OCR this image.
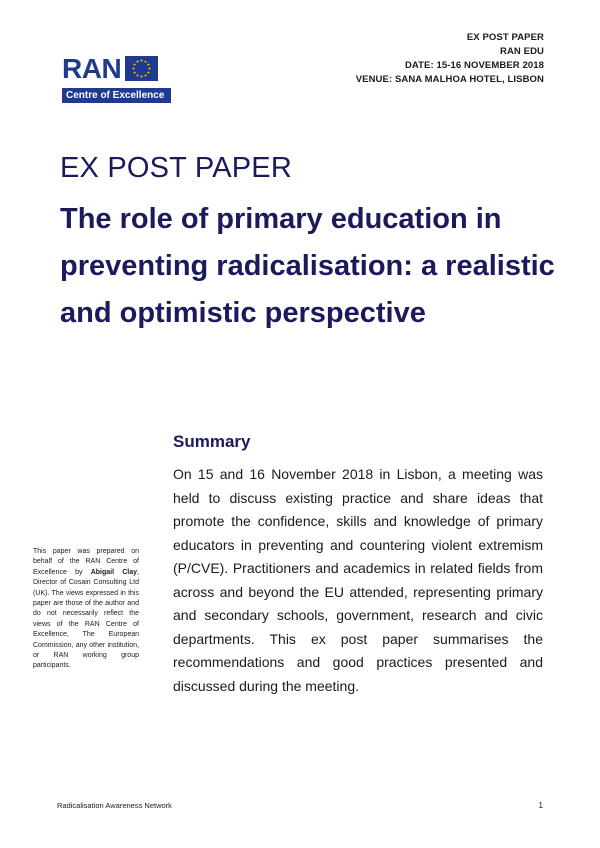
EX POST PAPER
RAN EDU
DATE: 15-16 NOVEMBER 2018
VENUE: SANA MALHOA HOTEL, LISBON
RAN
Centre of Excellence
EX POST PAPER
The role of primary education in preventing radicalisation: a realistic and optimistic perspective
Summary
On 15 and 16 November 2018 in Lisbon, a meeting was held to discuss existing practice and share ideas that promote the confidence, skills and knowledge of primary educators in preventing and countering violent extremism (P/CVE). Practitioners and academics in related fields from across and beyond the EU attended, representing primary and secondary schools, government, research and civic departments. This ex post paper summarises the recommendations and good practices presented and discussed during the meeting.
This paper was prepared on behalf of the RAN Centre of Excellence by Abigail Clay, Director of Cosain Consulting Ltd (UK). The views expressed in this paper are those of the author and do not necessarily reflect the views of the RAN Centre of Excellence, The European Commission, any other institution, or RAN working group participants.
Radicalisation Awareness Network	1
